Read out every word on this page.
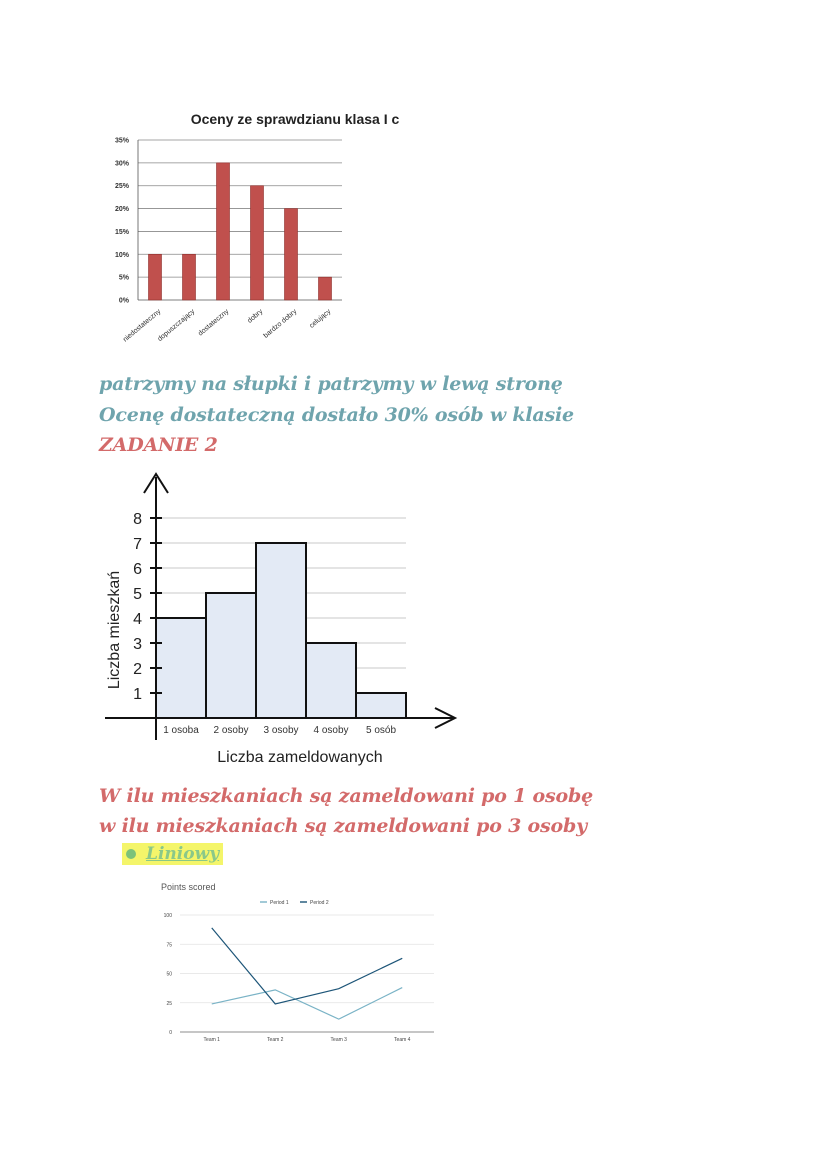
Oceny ze sprawdzianu klasa I c
0%
5%
10%
15%
20%
25%
30%
35%
niedostateczny
dopuszczający dostateczny dobry
bardzo dobry celujący
patrzymy na słupki i patrzymy w lewą stronę
Ocenę dostateczną dostało 30% osób w klasie
ZADANIE 2
1
2
3
4
5
6
7
8
1 osoba 2 osoby 3 osoby 4 osoby 5 osób
Liczba zameldowanych
Liczba mieszkań
W ilu mieszkaniach są zameldowani po 1 osobę
w ilu mieszkaniach są zameldowani po 3 osoby
Liniowy
Points scored
Period 1	Period 2
0
25
50
75
100
Team 1	Team 2	Team 3	Team 4
